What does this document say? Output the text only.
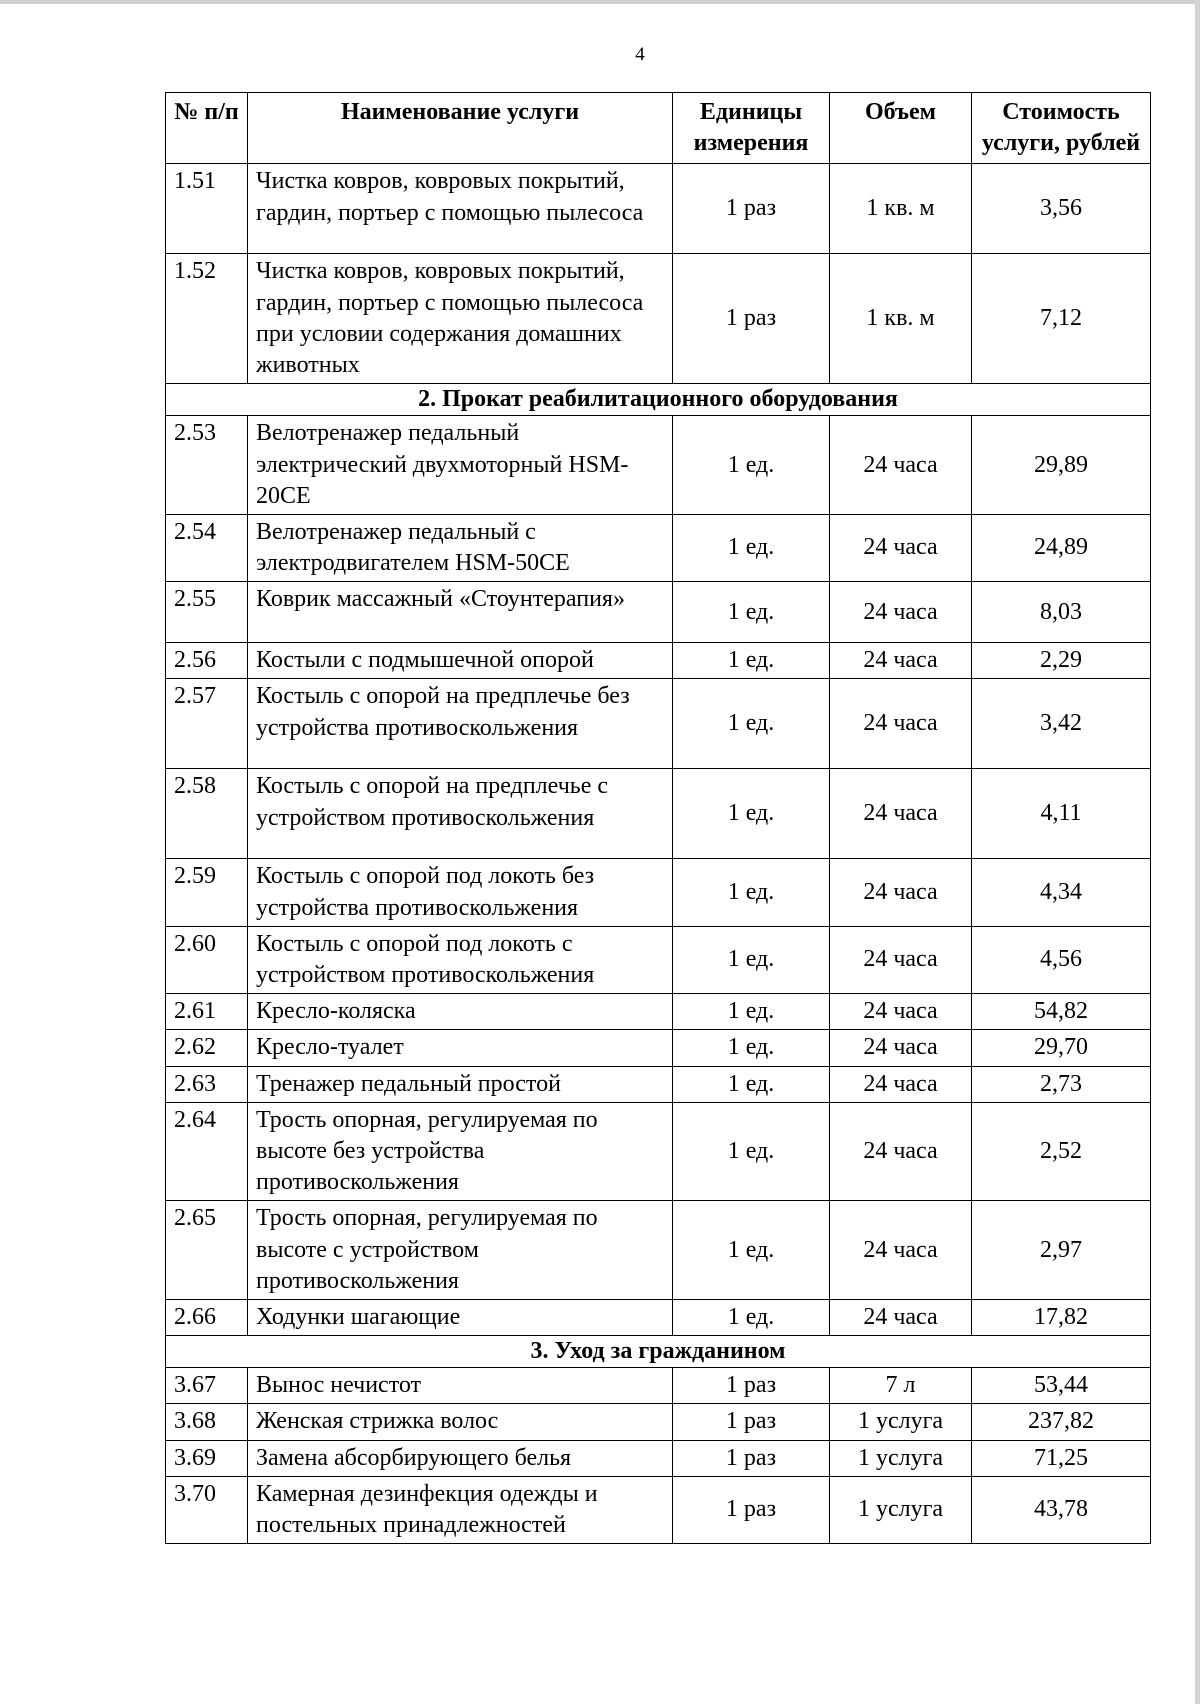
4
№ п/п	Наименование услуги	Единицы измерения	Объем	Стоимость услуги, рублей
1.51	Чистка ковров, ковровых покрытий, гардин, портьер с помощью пылесоса	1 раз	1 кв. м	3,56
1.52	Чистка ковров, ковровых покрытий, гардин, портьер с помощью пылесоса при условии содержания домашних животных	1 раз	1 кв. м	7,12
2. Прокат реабилитационного оборудования				
2.53	Велотренажер педальный электрический двухмоторный HSM-20CE	1 ед.	24 часа	29,89
2.54	Велотренажер педальный с электродвигателем HSM-50CE	1 ед.	24 часа	24,89
2.55	Коврик массажный «Стоунтерапия»	1 ед.	24 часа	8,03
2.56	Костыли с подмышечной опорой	1 ед.	24 часа	2,29
2.57	Костыль с опорой на предплечье без устройства противоскольжения	1 ед.	24 часа	3,42
2.58	Костыль с опорой на предплечье с устройством противоскольжения	1 ед.	24 часа	4,11
2.59	Костыль с опорой под локоть без устройства противоскольжения	1 ед.	24 часа	4,34
2.60	Костыль с опорой под локоть с устройством противоскольжения	1 ед.	24 часа	4,56
2.61	Кресло-коляска	1 ед.	24 часа	54,82
2.62	Кресло-туалет	1 ед.	24 часа	29,70
2.63	Тренажер педальный простой	1 ед.	24 часа	2,73
2.64	Трость опорная, регулируемая по высоте без устройства противоскольжения	1 ед.	24 часа	2,52
2.65	Трость опорная, регулируемая по высоте с устройством противоскольжения	1 ед.	24 часа	2,97
2.66	Ходунки шагающие	1 ед.	24 часа	17,82
3. Уход за гражданином				
3.67	Вынос нечистот	1 раз	7 л	53,44
3.68	Женская стрижка волос	1 раз	1 услуга	237,82
3.69	Замена абсорбирующего белья	1 раз	1 услуга	71,25
3.70	Камерная дезинфекция одежды и постельных принадлежностей	1 раз	1 услуга	43,78
